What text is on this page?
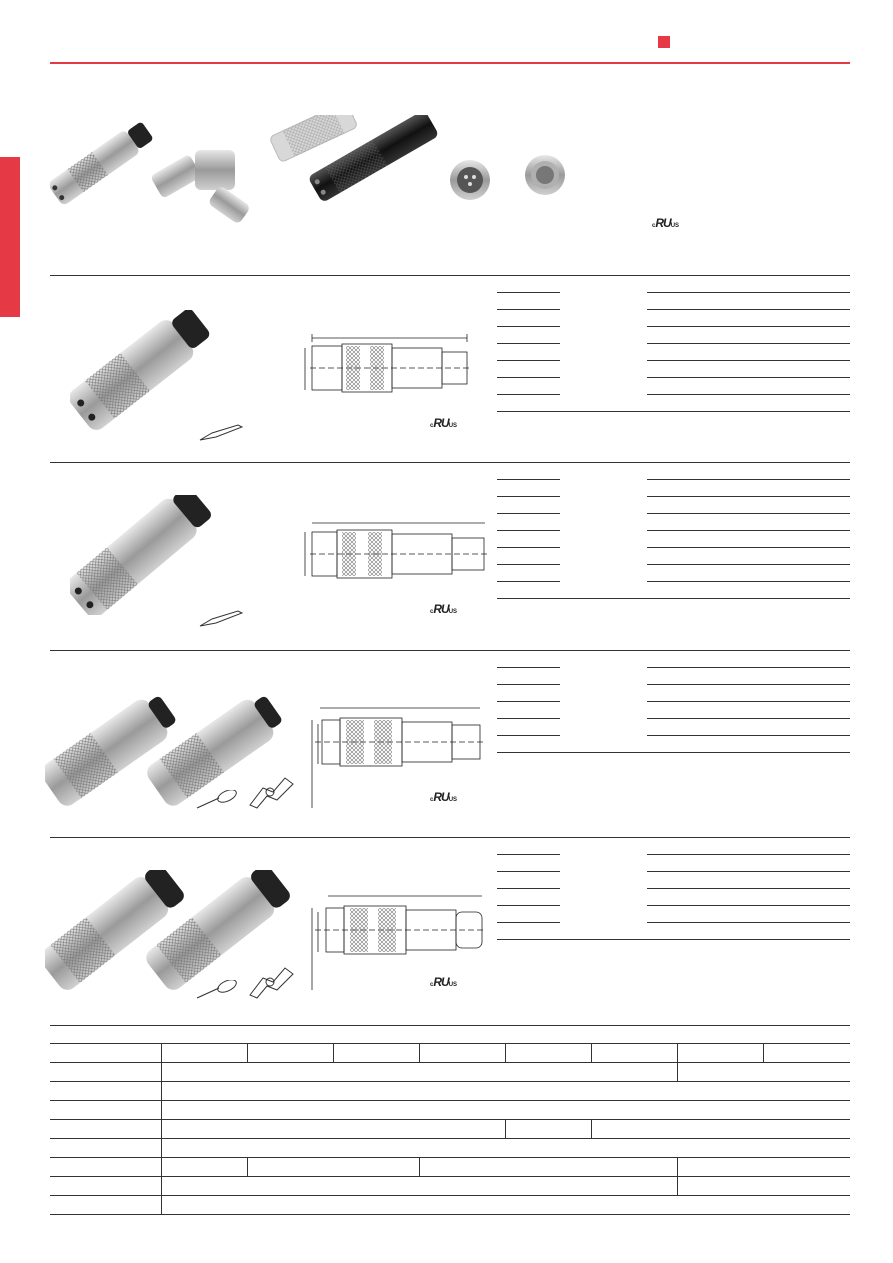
cRUUS
cRUUS
cRUUS
cRUUS
cRUUS
